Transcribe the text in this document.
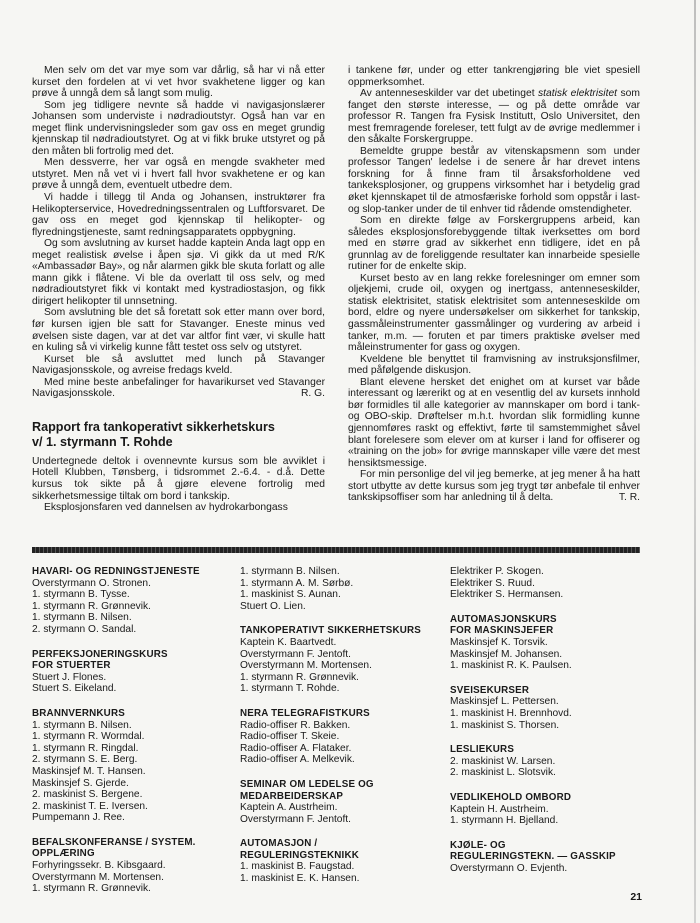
Men selv om det var mye som var dårlig, så har vi nå etter kurset den fordelen at vi vet hvor svakhetene ligger og kan prøve å unngå dem så langt som mulig.

Som jeg tidligere nevnte så hadde vi navigasjonslærer Johansen som underviste i nødradioutstyr. Også han var en meget flink undervisningsleder som gav oss en meget grundig kjennskap til nødradioutstyret. Og at vi fikk bruke utstyret og på den måten bli fortrolig med det.

Men dessverre, her var også en mengde svakheter med utstyret. Men nå vet vi i hvert fall hvor svakhetene er og kan prøve å unngå dem, eventuelt utbedre dem.

Vi hadde i tillegg til Anda og Johansen, instruktører fra Helikopterservice, Hovedredningssentralen og Luftforsvaret. De gav oss en meget god kjennskap til helikopter- og flyredningstjeneste, samt redningsapparatets oppbygning.

Og som avslutning av kurset hadde kaptein Anda lagt opp en meget realistisk øvelse i åpen sjø. Vi gikk da ut med R/K «Ambassadør Bay», og når alarmen gikk ble skuta forlatt og alle mann gikk i flåtene. Vi ble da overlatt til oss selv, og med nødradioutstyret fikk vi kontakt med kystradiostasjon, og fikk dirigert helikopter til unnsetning.

Som avslutning ble det så foretatt sok etter mann over bord, før kursen igjen ble satt for Stavanger. Eneste minus ved øvelsen siste dagen, var at det var altfor fint vær, vi skulle hatt en kuling så vi virkelig kunne fått testet oss selv og utstyret.

Kurset ble så avsluttet med lunch på Stavanger Navigasjonsskole, og avreise fredags kveld.

Med mine beste anbefalinger for havarikurset ved Stavanger Navigasjonsskole.	R. G.

Rapport fra tankoperativt sikkerhetskurs
v/ 1. styrmann T. Rohde

Undertegnede deltok i ovennevnte kursus som ble avviklet i Hotell Klubben, Tønsberg, i tidsrommet 2.-6.4. - d.å. Dette kursus tok sikte på å gjøre elevene fortrolig med sikkerhetsmessige tiltak om bord i tankskip.

Eksplosjonsfaren ved dannelsen av hydrokarbongass

i tankene før, under og etter tankrengjøring ble viet spesiell oppmerksomhet.

Av antenneseskilder var det ubetinget statisk elektrisitet som fanget den største interesse, — og på dette område var professor R. Tangen fra Fysisk Institutt, Oslo Universitet, den mest fremragende foreleser, tett fulgt av de øvrige medlemmer i den såkalte Forskergruppe.

Bemeldte gruppe består av vitenskapsmenn som under professor Tangen' ledelse i de senere år har drevet intens forskning for å finne fram til årsaksforholdene ved tankeksplosjoner, og gruppens virksomhet har i betydelig grad øket kjennskapet til de atmosfæriske forhold som oppstår i last- og slop-tanker under de til enhver tid rådende omstendigheter.

Som en direkte følge av Forskergruppens arbeid, kan således eksplosjonsforebyggende tiltak iverksettes om bord med en større grad av sikkerhet enn tidligere, idet en på grunnlag av de foreliggende resultater kan innarbeide spesielle rutiner for de enkelte skip.

Kurset besto av en lang rekke forelesninger om emner som oljekjemi, crude oil, oxygen og inertgass, antenneseskilder, statisk elektrisitet, statisk elektrisitet som antenneseskilde om bord, eldre og nyere undersøkelser om sikkerhet for tankskip, gassmåleinstrumenter gassmålinger og vurdering av arbeid i tanker, m.m. — foruten et par timers praktiske øvelser med måleinstrumenter for gass og oxygen.

Kveldene ble benyttet til framvisning av instruksjonsfilmer, med påfølgende diskusjon.

Blant elevene hersket det enighet om at kurset var både interessant og lærerikt og at en vesentlig del av kursets innhold bør formidles til alle kategorier av mannskaper om bord i tank- og OBO-skip. Drøftelser m.h.t. hvordan slik formidling kunne gjennomføres raskt og effektivt, førte til samstemmighet såvel blant forelesere som elever om at kurser i land for offiserer og «training on the job» for øvrige mannskaper ville være det mest hensiktsmessige.

For min personlige del vil jeg bemerke, at jeg mener å ha hatt stort utbytte av dette kursus som jeg trygt tør anbefale til enhver tankskipsoffiser som har anledning til å delta.	T. R.

HAVARI- OG REDNINGSTJENESTE
Overstyrmann O. Stronen.
1. styrmann B. Tysse.
1. styrmann R. Grønnevik.
1. styrmann B. Nilsen.
2. styrmann O. Sandal.
PERFEKSJONERINGSKURS
FOR STUERTER
Stuert J. Flones.
Stuert S. Eikeland.
BRANNVERNKURS
1. styrmann B. Nilsen.
1. styrmann R. Wormdal.
1. styrmann R. Ringdal.
2. styrmann S. E. Berg.
Maskinsjef M. T. Hansen.
Maskinsjef S. Gjerde.
2. maskinist S. Bergene.
2. maskinist T. E. Iversen.
Pumpemann J. Ree.
BEFALSKONFERANSE / SYSTEM.
OPPLÆRING
Forhyringssekr. B. Kibsgaard.
Overstyrmann M. Mortensen.
1. styrmann R. Grønnevik.
1. styrmann B. Nilsen.
1. styrmann A. M. Sørbø.
1. maskinist S. Aunan.
Stuert O. Lien.
TANKOPERATIVT SIKKERHETSKURS
Kaptein K. Baartvedt.
Overstyrmann F. Jentoft.
Overstyrmann M. Mortensen.
1. styrmann R. Grønnevik.
1. styrmann T. Rohde.
NERA TELEGRAFISTKURS
Radio-offiser R. Bakken.
Radio-offiser T. Skeie.
Radio-offiser A. Flataker.
Radio-offiser A. Melkevik.
SEMINAR OM LEDELSE OG
MEDARBEIDERSKAP
Kaptein A. Austrheim.
Overstyrmann F. Jentoft.
AUTOMASJON /
REGULERINGSTEKNIKK
1. maskinist B. Faugstad.
1. maskinist E. K. Hansen.
Elektriker P. Skogen.
Elektriker S. Ruud.
Elektriker S. Hermansen.
AUTOMASJONSKURS
FOR MASKINSJEFER
Maskinsjef K. Torsvik.
Maskinsjef M. Johansen.
1. maskinist R. K. Paulsen.
SVEISEKURSER
Maskinsjef L. Pettersen.
1. maskinist H. Brennhovd.
1. maskinist S. Thorsen.
LESLIEKURS
2. maskinist W. Larsen.
2. maskinist L. Slotsvik.
VEDLIKEHOLD OMBORD
Kaptein H. Austrheim.
1. styrmann H. Bjelland.
KJØLE- OG
REGULERINGSTEKN. — GASSKIP
Overstyrmann O. Evjenth.
21
